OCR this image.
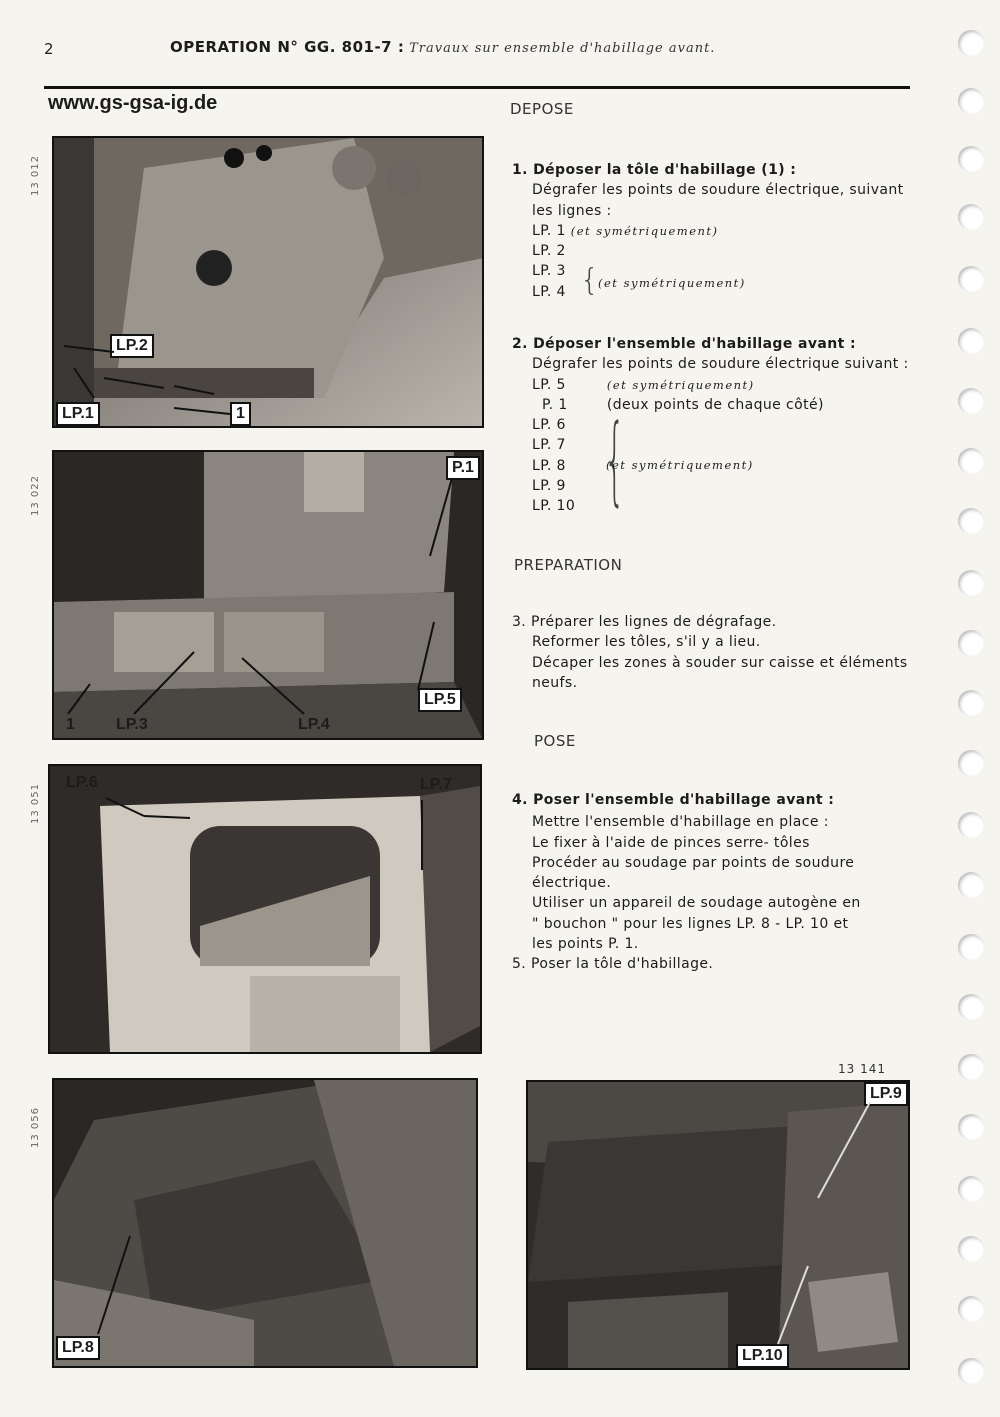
2	OPERATION N° GG. 801-7 : Travaux sur ensemble d'habillage avant.
www.gs-gsa-ig.de
13 012
LP.2
LP.1	1
13 022
P.1
LP.5
1	LP.3	LP.4
13 051
LP.6	LP.7
13 056
LP.8
13 141
LP.9
LP.10
DEPOSE
1. Déposer la tôle d'habillage (1) :
Dégrafer les points de soudure électrique, suivant
les lignes :
LP. 1 (et symétriquement)
LP. 2
LP. 3
LP. 4 {
(et symétriquement)
2. Déposer l'ensemble d'habillage avant :
Dégrafer les points de soudure électrique suivant :
LP. 5	(et symétriquement)
P. 1	(deux points de chaque côté)
LP. 6
LP. 7
LP. 8
LP. 9
LP. 10 {
(et symétriquement)
PREPARATION
3. Préparer les lignes de dégrafage.
Reformer les tôles, s'il y a lieu.
Décaper les zones à souder sur caisse et éléments
neufs.
POSE
4. Poser l'ensemble d'habillage avant :
Mettre l'ensemble d'habillage en place :
Le fixer à l'aide de pinces serre- tôles
Procéder au soudage par points de soudure
électrique.
Utiliser un appareil de soudage autogène en
" bouchon " pour les lignes LP. 8 - LP. 10 et
les points P. 1.
5. Poser la tôle d'habillage.
